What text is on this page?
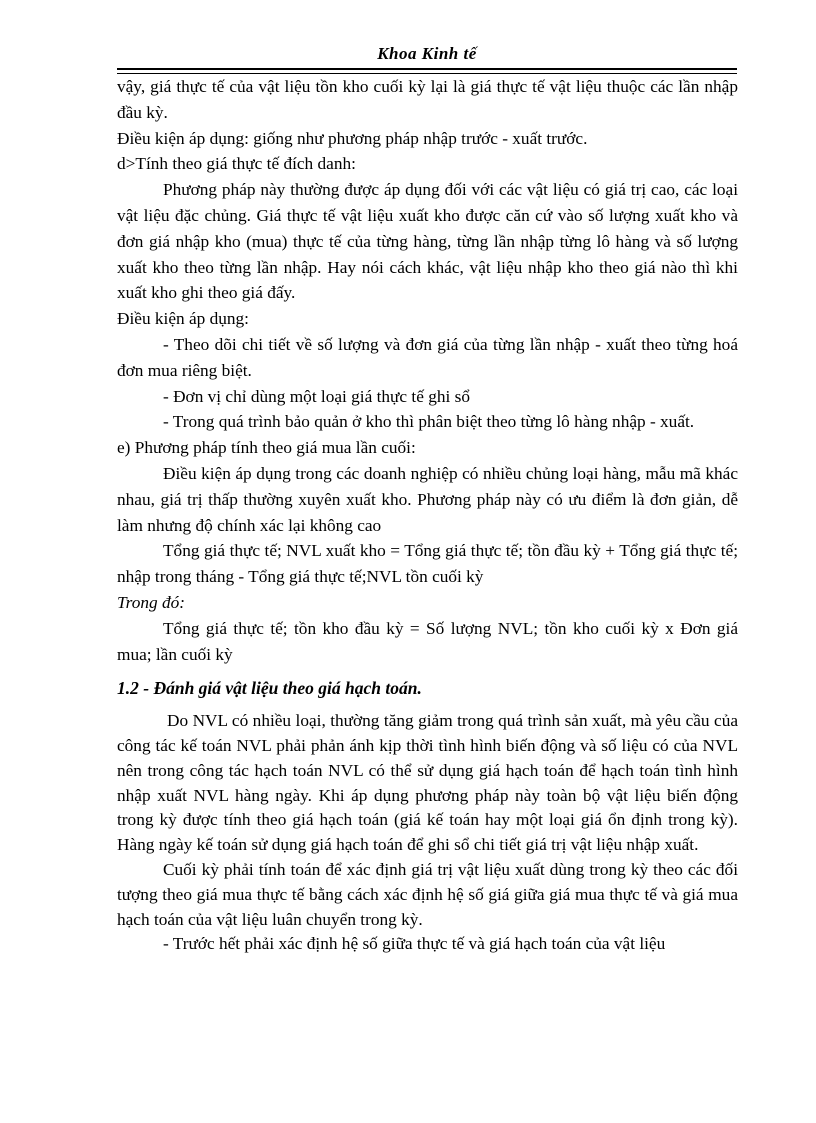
Khoa Kinh tế

vậy, giá thực tế của vật liệu tồn kho cuối kỳ lại là giá thực tế vật liệu thuộc các lần nhập đầu kỳ.

Điều kiện áp dụng: giống như phương pháp nhập trước - xuất trước.

d>Tính theo giá thực tế đích danh:

Phương pháp này thường được áp dụng đối với các vật liệu có giá trị cao, các loại vật liệu đặc chủng. Giá thực tế vật liệu xuất kho được căn cứ vào số lượng xuất kho và đơn giá nhập kho (mua) thực tế của từng hàng, từng lần nhập từng lô hàng và số lượng xuất kho theo từng lần nhập. Hay nói cách khác, vật liệu nhập kho theo giá nào thì khi xuất kho ghi theo giá đấy.

Điều kiện áp dụng:

- Theo dõi chi tiết về số lượng và đơn giá của từng lần nhập - xuất theo từng hoá đơn mua riêng biệt.

- Đơn vị chỉ dùng một loại giá thực tế ghi sổ

- Trong quá trình bảo quản ở kho thì phân biệt theo từng lô hàng nhập - xuất.

e) Phương pháp tính theo giá mua lần cuối:

Điều kiện áp dụng trong các doanh nghiệp có nhiều chủng loại hàng, mẫu mã khác nhau, giá trị thấp thường xuyên xuất kho. Phương pháp này có ưu điểm là đơn giản, dễ làm nhưng độ chính xác lại không cao

Tổng giá thực tế; NVL xuất kho = Tổng giá thực tế; tồn đầu kỳ + Tổng giá thực tế; nhập trong tháng - Tổng giá thực tế;NVL tồn cuối kỳ

Trong đó:

Tổng giá thực tế; tồn kho đầu kỳ = Số lượng NVL; tồn kho cuối kỳ x Đơn giá mua; lần cuối kỳ

1.2 - Đánh giá vật liệu theo giá hạch toán.

Do NVL có nhiều loại, thường tăng giảm trong quá trình sản xuất, mà yêu cầu của công tác kế toán NVL phải phản ánh kịp thời tình hình biến động và số liệu có của NVL nên trong công tác hạch toán NVL có thể sử dụng giá hạch toán để hạch toán tình hình nhập xuất NVL hàng ngày. Khi áp dụng phương pháp này toàn bộ vật liệu biến động trong kỳ được tính theo giá hạch toán (giá kế toán hay một loại giá ổn định trong kỳ). Hàng ngày kế toán sử dụng giá hạch toán để ghi sổ chi tiết giá trị vật liệu nhập xuất.

Cuối kỳ phải tính toán để xác định giá trị vật liệu xuất dùng trong kỳ theo các đối tượng theo giá mua thực tế bằng cách xác định hệ số giá giữa giá mua thực tế và giá mua hạch toán của vật liệu luân chuyển trong kỳ.

- Trước hết phải xác định hệ số giữa thực tế và giá hạch toán của vật liệu
